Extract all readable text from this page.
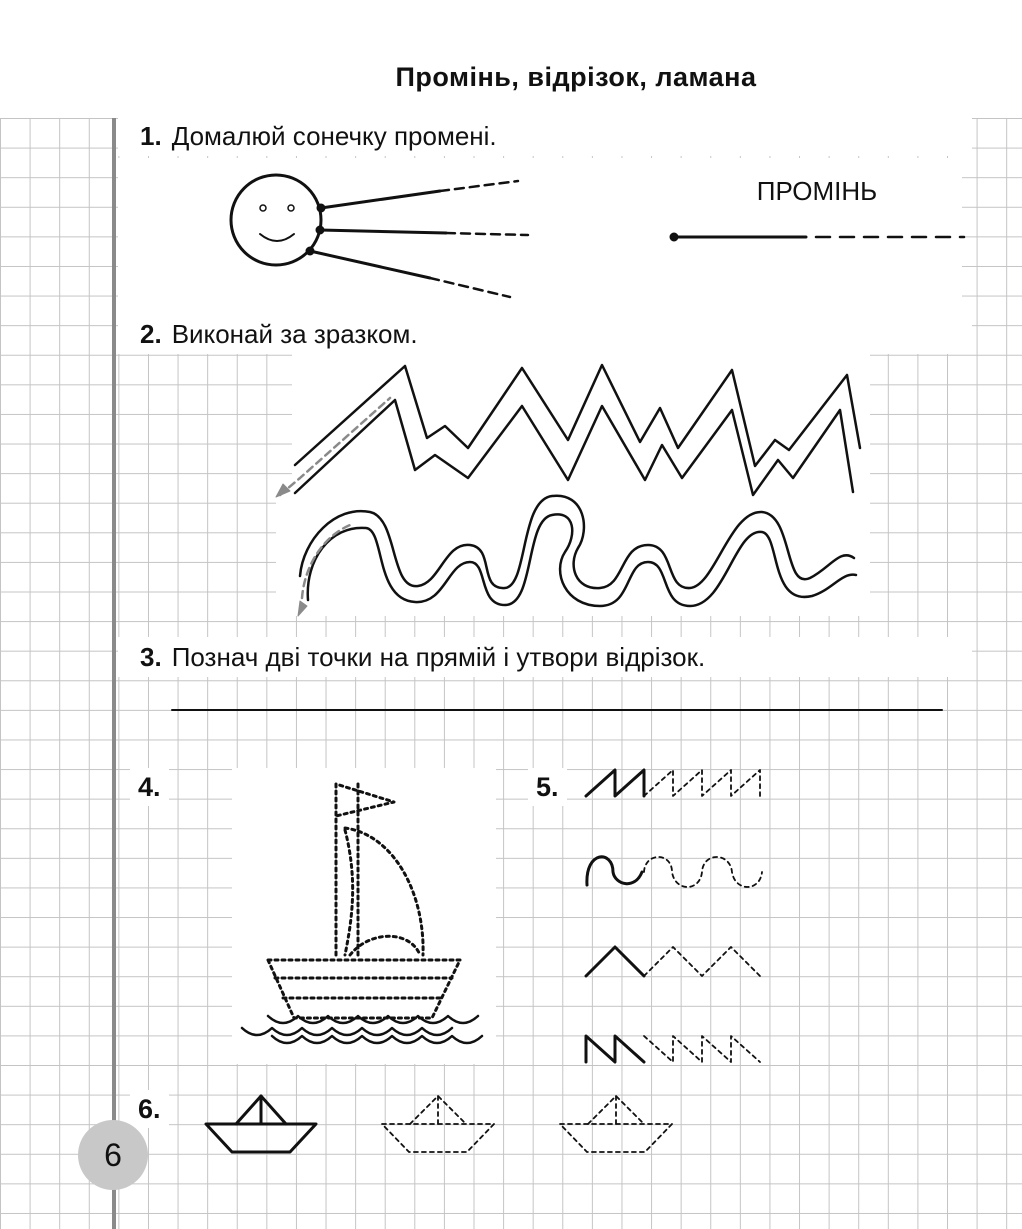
Промінь, відрізок, ламана
1. Домалюй сонечку промені.
2. Виконай за зразком.
3. Познач дві точки на прямій і утвори відрізок.
4.	5.
6.
ПРОМІНЬ
6
